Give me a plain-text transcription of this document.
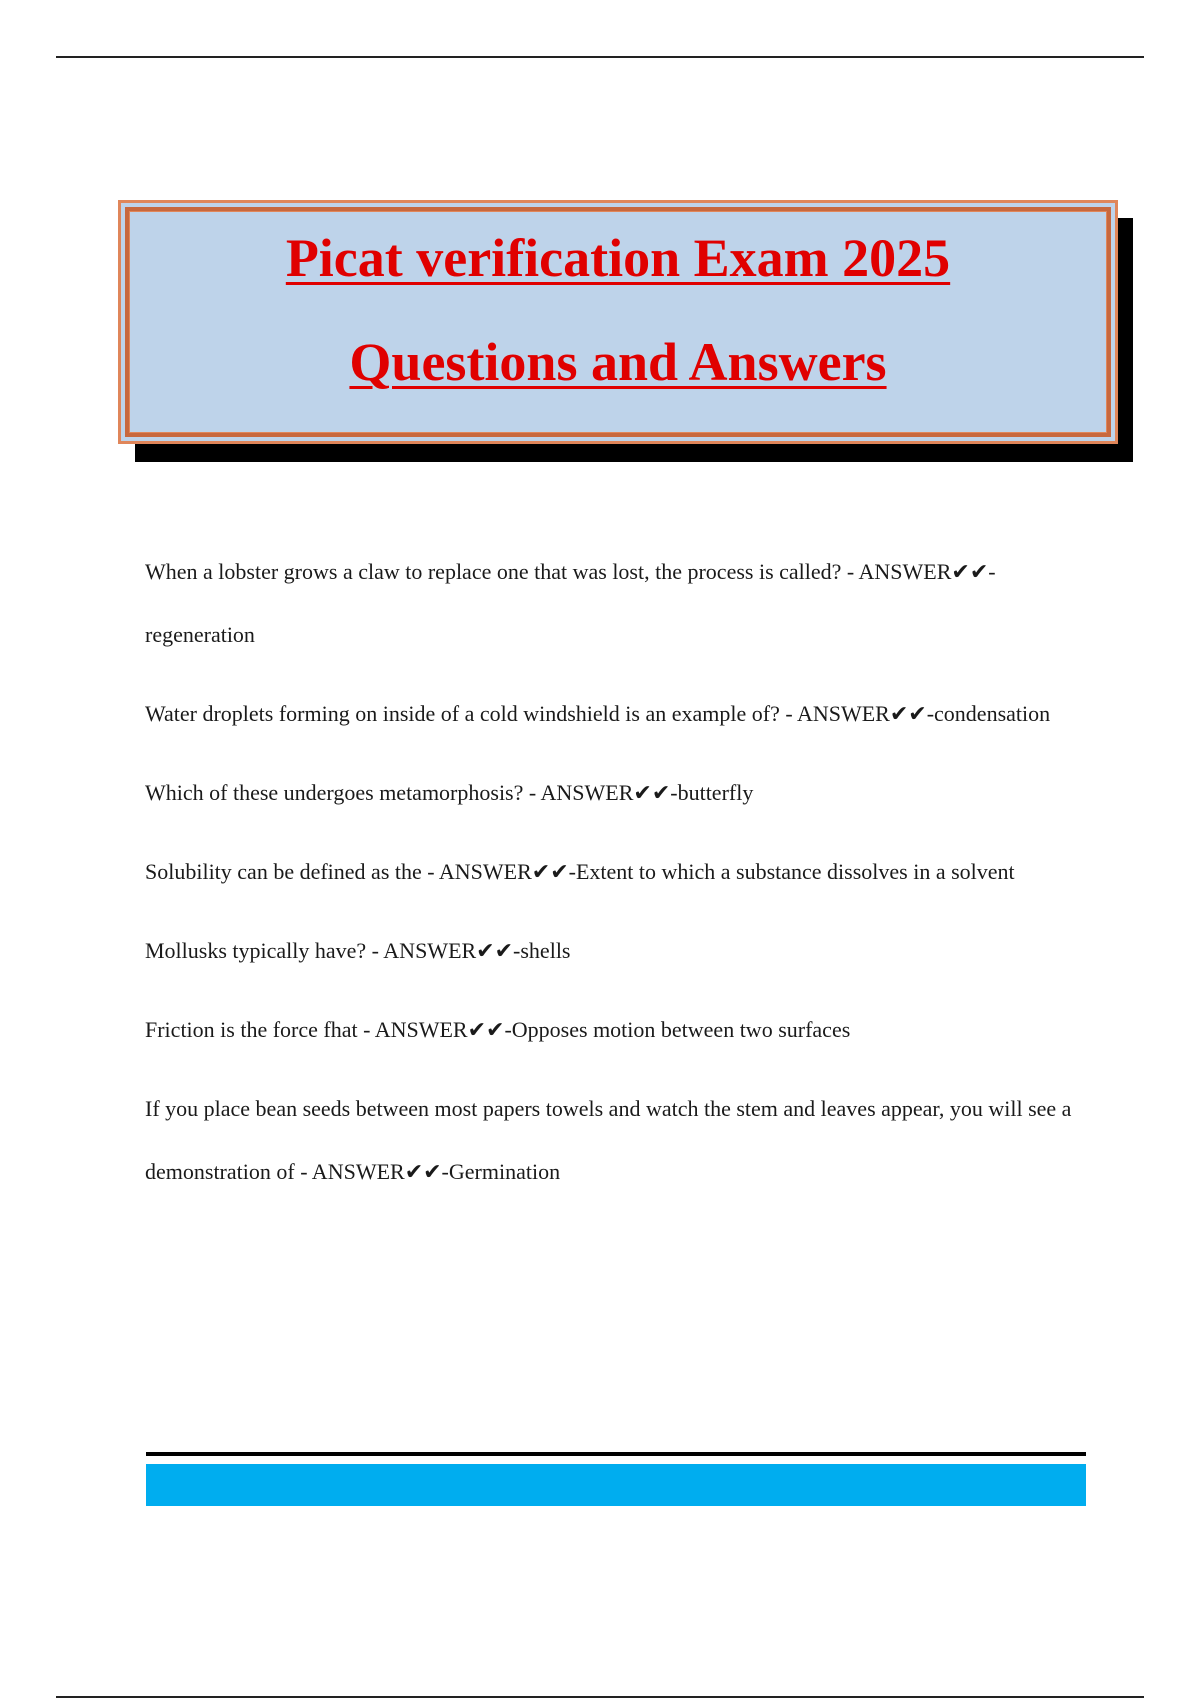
Picat verification Exam 2025
Questions and Answers

When a lobster grows a claw to replace one that was lost, the process is called? - ANSWER✔✔-regeneration

Water droplets forming on inside of a cold windshield is an example of? - ANSWER✔✔-condensation

Which of these undergoes metamorphosis? - ANSWER✔✔-butterfly

Solubility can be defined as the - ANSWER✔✔-Extent to which a substance dissolves in a solvent

Mollusks typically have? - ANSWER✔✔-shells

Friction is the force fhat - ANSWER✔✔-Opposes motion between two surfaces

If you place bean seeds between most papers towels and watch the stem and leaves appear, you will see a demonstration of - ANSWER✔✔-Germination
